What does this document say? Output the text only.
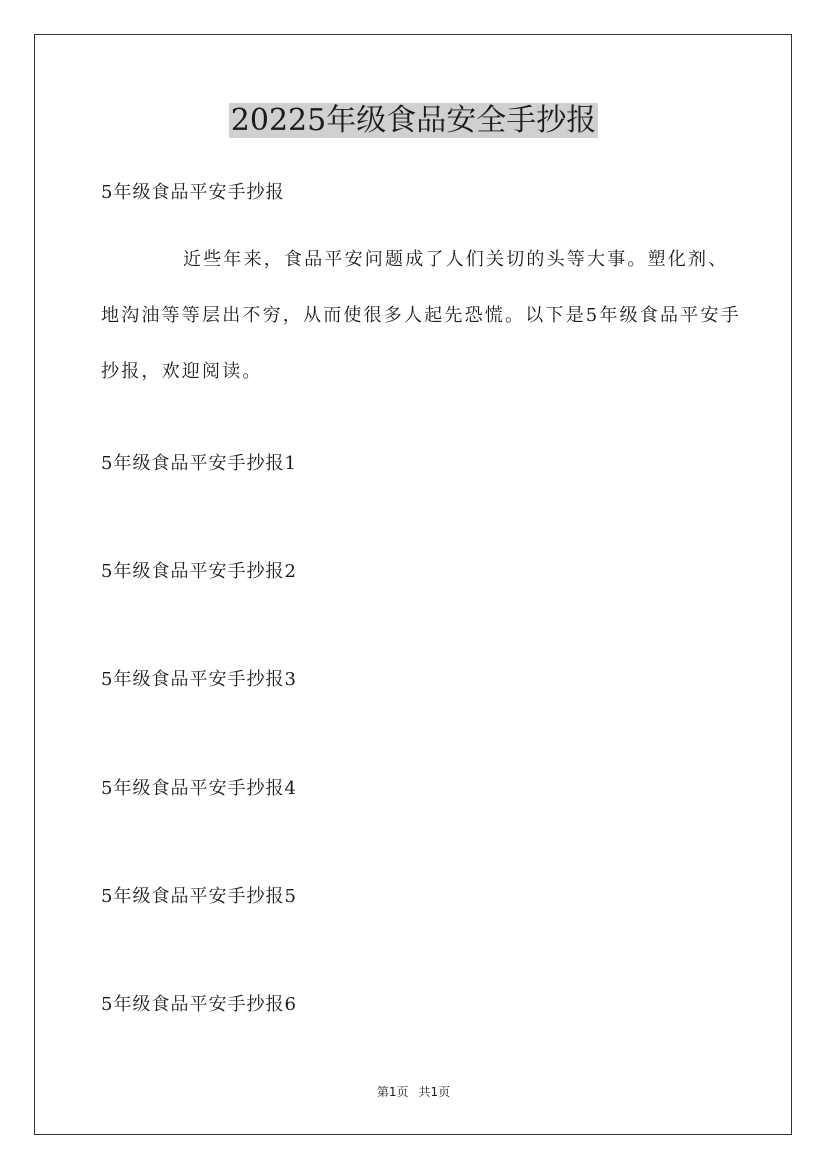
20225年级食品安全手抄报
5年级食品平安手抄报

近些年来，食品平安问题成了人们关切的头等大事。塑化剂、地沟油等等层出不穷，从而使很多人起先恐慌。以下是5年级食品平安手抄报，欢迎阅读。

5年级食品平安手抄报1
5年级食品平安手抄报2
5年级食品平安手抄报3
5年级食品平安手抄报4
5年级食品平安手抄报5
5年级食品平安手抄报6
第1页 共1页
